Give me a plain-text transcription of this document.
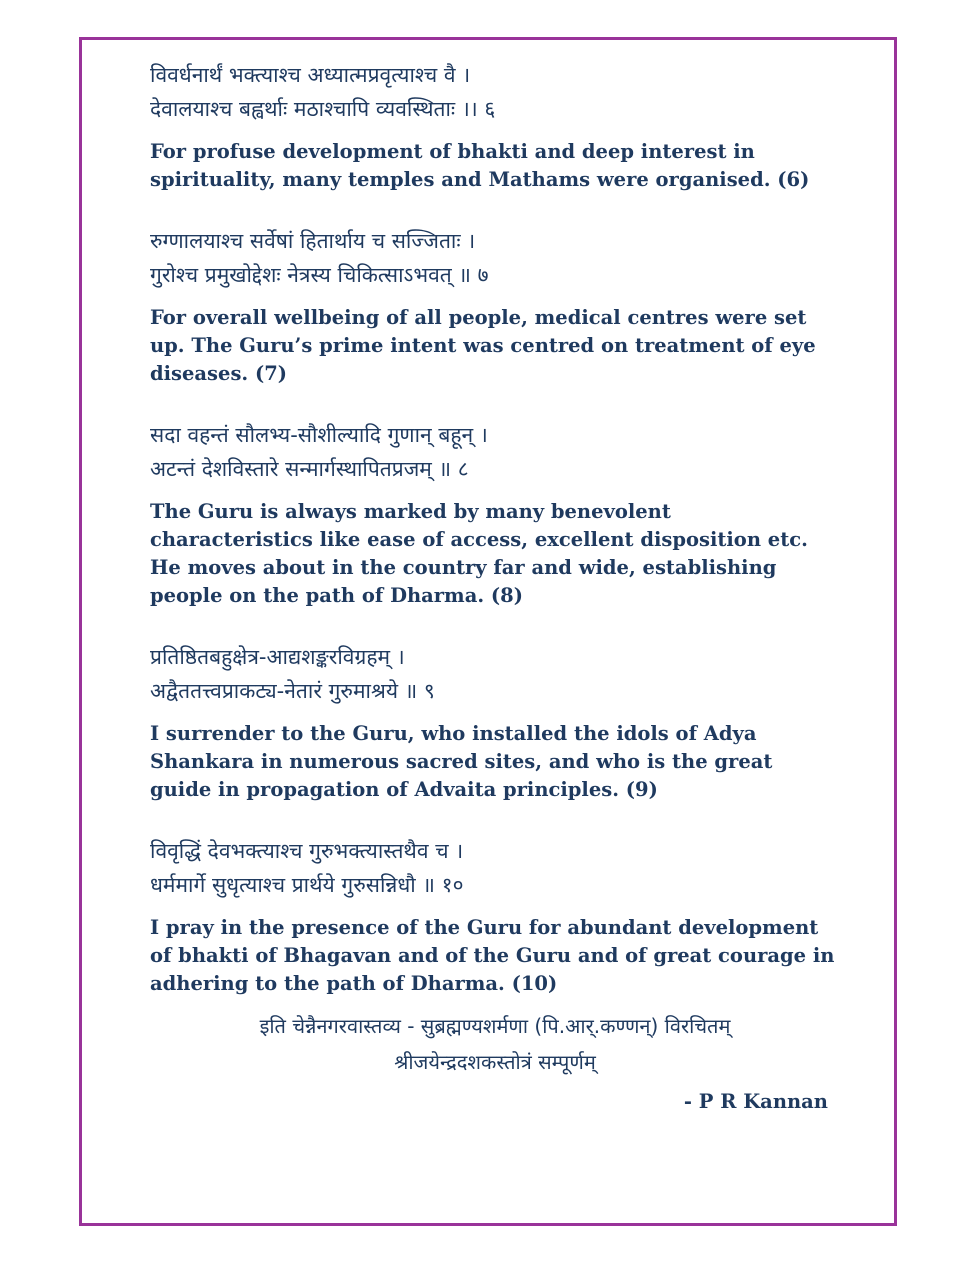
विवर्धनार्थं भक्त्याश्च अध्यात्मप्रवृत्याश्च वै ।
देवालयाश्च बह्वर्थाः मठाश्चापि व्यवस्थिताः ।। ६

For profuse development of bhakti and deep interest in spirituality, many temples and Mathams were organised. (6)

रुग्णालयाश्च सर्वेषां हितार्थाय च सज्जिताः ।
गुरोश्च प्रमुखोद्देशः नेत्रस्य चिकित्साऽभवत् ॥ ७

For overall wellbeing of all people, medical centres were set up. The Guru’s prime intent was centred on treatment of eye diseases. (7)

सदा वहन्तं सौलभ्य-सौशील्यादि गुणान् बहून् ।
अटन्तं देशविस्तारे सन्मार्गस्थापितप्रजम् ॥ ८

The Guru is always marked by many benevolent characteristics like ease of access, excellent disposition etc. He moves about in the country far and wide, establishing people on the path of Dharma. (8)

प्रतिष्ठितबहुक्षेत्र-आद्यशङ्करविग्रहम् ।
अद्वैततत्त्वप्राकट्य-नेतारं गुरुमाश्रये ॥ ९

I surrender to the Guru, who installed the idols of Adya Shankara in numerous sacred sites, and who is the great guide in propagation of Advaita principles. (9)

विवृद्धिं देवभक्त्याश्च गुरुभक्त्यास्तथैव च ।
धर्ममार्गे सुधृत्याश्च प्रार्थये गुरुसन्निधौ ॥ १०

I pray in the presence of the Guru for abundant development of bhakti of Bhagavan and of the Guru and of great courage in adhering to the path of Dharma. (10)

इति चेन्नैनगरवास्तव्य - सुब्रह्मण्यशर्मणा (पि.आर्.कण्णन्) विरचितम्
श्रीजयेन्द्रदशकस्तोत्रं सम्पूर्णम्
- P R Kannan
